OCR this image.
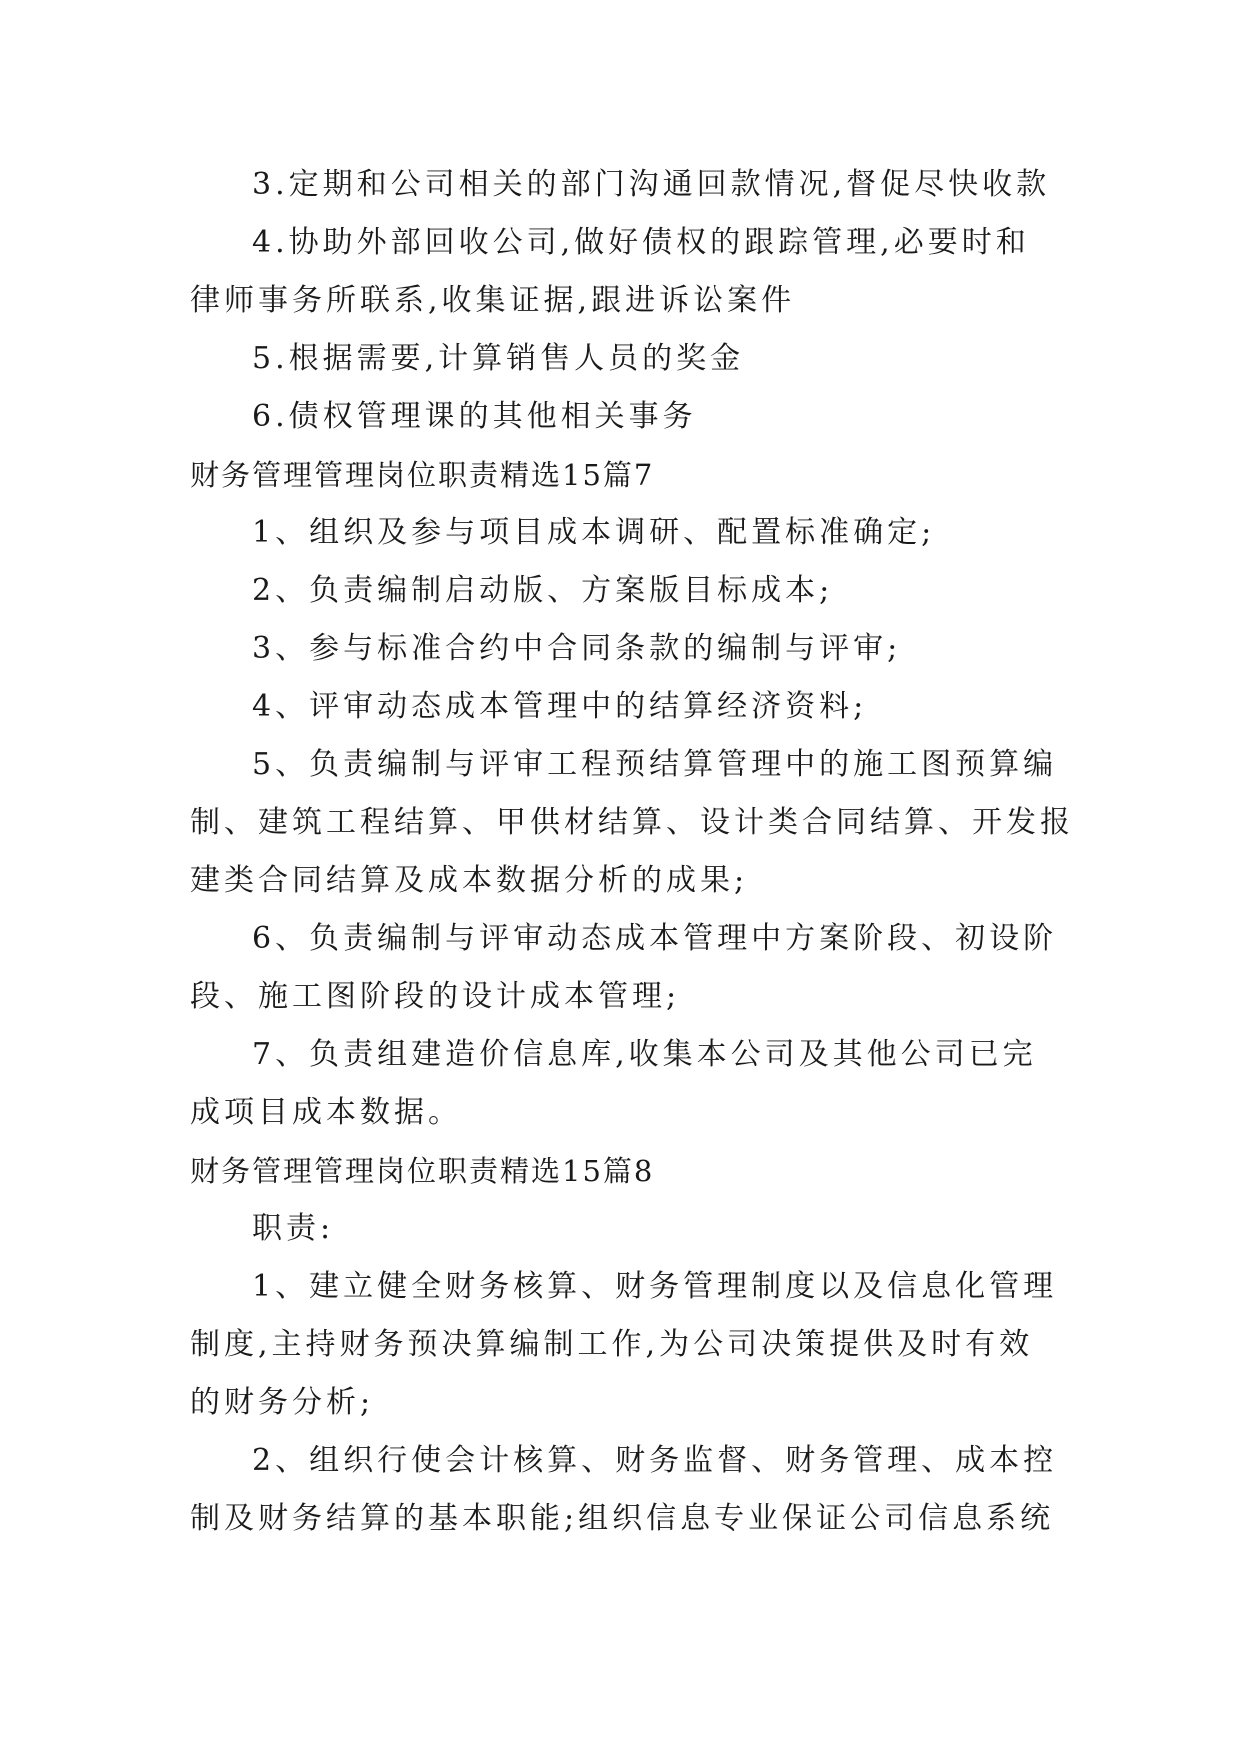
3.定期和公司相关的部门沟通回款情况,督促尽快收款

4.协助外部回收公司,做好债权的跟踪管理,必要时和
律师事务所联系,收集证据,跟进诉讼案件

5.根据需要,计算销售人员的奖金

6.债权管理课的其他相关事务

财务管理管理岗位职责精选15篇7

1、组织及参与项目成本调研、配置标准确定;

2、负责编制启动版、方案版目标成本;

3、参与标准合约中合同条款的编制与评审;

4、评审动态成本管理中的结算经济资料;

5、负责编制与评审工程预结算管理中的施工图预算编
制、建筑工程结算、甲供材结算、设计类合同结算、开发报
建类合同结算及成本数据分析的成果;

6、负责编制与评审动态成本管理中方案阶段、初设阶
段、施工图阶段的设计成本管理;

7、负责组建造价信息库,收集本公司及其他公司已完
成项目成本数据。

财务管理管理岗位职责精选15篇8

职责:

1、建立健全财务核算、财务管理制度以及信息化管理
制度,主持财务预决算编制工作,为公司决策提供及时有效
的财务分析;

2、组织行使会计核算、财务监督、财务管理、成本控
制及财务结算的基本职能;组织信息专业保证公司信息系统
